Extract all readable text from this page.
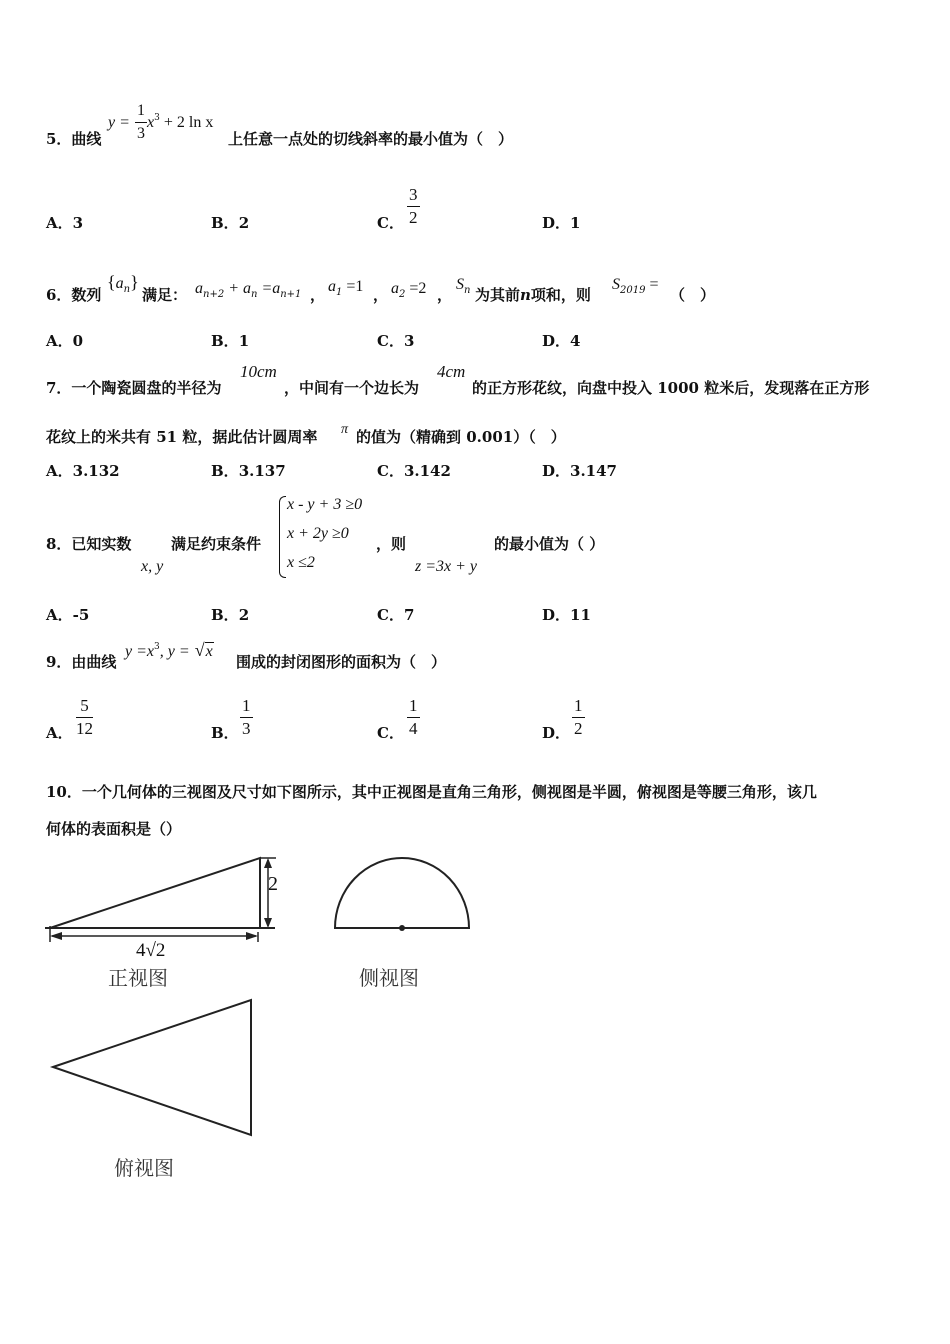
5．曲线
$y = \frac{1}{3} x^3 + 2$ ln x
上任意一点处的切线斜率的最小值为（　）
A．3	B．2	C． $\frac{3}{2}$	D．1
6．数列
$\{a_n\}$
满足： $a_{n+2} + a_n =a_{n+1}$ ， $a_1 =1$ ， $a_2 =2$ ，
$S_n$ 为其前n项和，则
$S_{2019}$ =
（　）
A．0	B．1	C．3	D．4
7．一个陶瓷圆盘的半径为
10cm
，中间有一个边长为
4cm
的正方形花纹，向盘中投入 1000 粒米后，发现落在正方形
花纹上的米共有 51 粒，据此估计圆周率 π 的值为（精确到 0.001）（　）
A．3.132	B．3.137	C．3.142	D．3.147
8．已知实数
x, y
满足约束条件
x - y + 3 ≥0
x + 2y ≥0
x ≤2
，则
z =3x + y
的最小值为（ ）
A．-5	B．2	C．7	D．11
9．由曲线
$y =x^3$, y = √x
围成的封闭图形的面积为（　）
A． $\frac{5}{12}$	B． $\frac{1}{3}$	C． $\frac{1}{4}$	D． $\frac{1}{2}$
10．一个几何体的三视图及尺寸如下图所示，其中正视图是直角三角形，侧视图是半圆，俯视图是等腰三角形，该几
何体的表面积是（）
2
4√2
正视图	侧视图
俯视图
